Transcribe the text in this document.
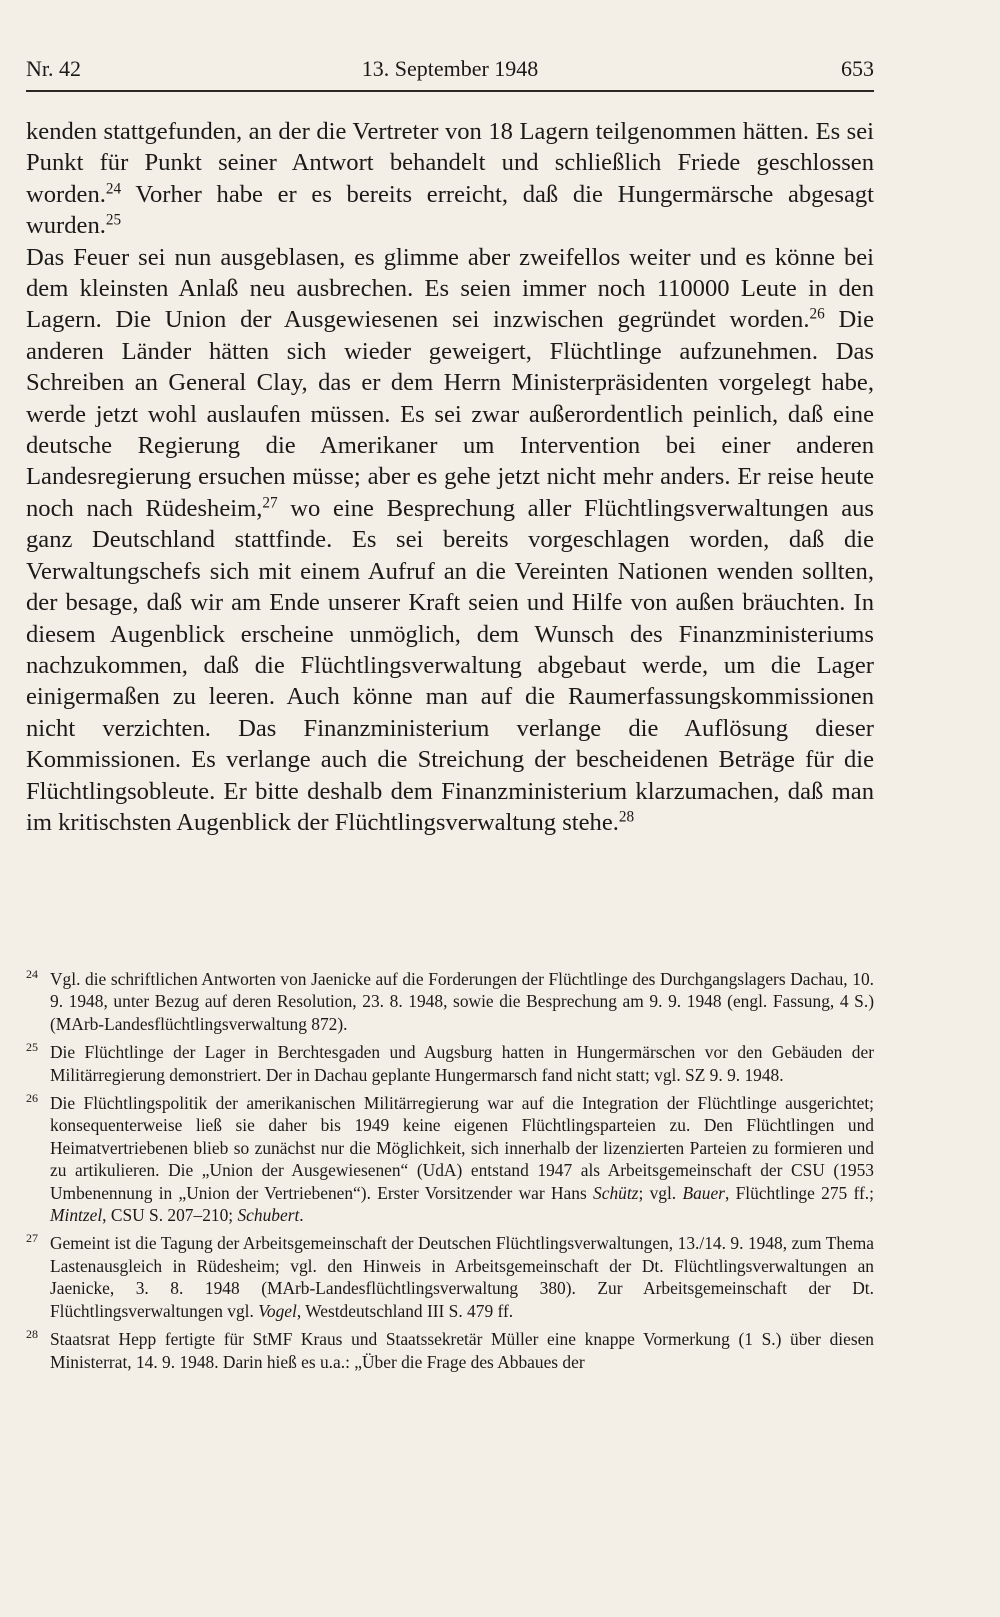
Nr. 42	13. September 1948	653

kenden stattgefunden, an der die Vertreter von 18 Lagern teilgenommen hätten. Es sei Punkt für Punkt seiner Antwort behandelt und schließlich Friede geschlossen worden.$^{24}$ Vorher habe er es bereits erreicht, daß die Hungermärsche abgesagt wurden.$^{25}$

Das Feuer sei nun ausgeblasen, es glimme aber zweifellos weiter und es könne bei dem kleinsten Anlaß neu ausbrechen. Es seien immer noch 110000 Leute in den Lagern. Die Union der Ausgewiesenen sei inzwischen gegründet worden.$^{26}$ Die anderen Länder hätten sich wieder geweigert, Flüchtlinge aufzunehmen. Das Schreiben an General Clay, das er dem Herrn Ministerpräsidenten vorgelegt habe, werde jetzt wohl auslaufen müssen. Es sei zwar außerordentlich peinlich, daß eine deutsche Regierung die Amerikaner um Intervention bei einer anderen Landesregierung ersuchen müsse; aber es gehe jetzt nicht mehr anders. Er reise heute noch nach Rüdesheim,$^{27}$ wo eine Besprechung aller Flüchtlingsverwaltungen aus ganz Deutschland stattfinde. Es sei bereits vorgeschlagen worden, daß die Verwaltungschefs sich mit einem Aufruf an die Vereinten Nationen wenden sollten, der besage, daß wir am Ende unserer Kraft seien und Hilfe von außen bräuchten. In diesem Augenblick erscheine unmöglich, dem Wunsch des Finanzministeriums nachzukommen, daß die Flüchtlingsverwaltung abgebaut werde, um die Lager einigermaßen zu leeren. Auch könne man auf die Raumerfassungskommissionen nicht verzichten. Das Finanzministerium verlange die Auflösung dieser Kommissionen. Es verlange auch die Streichung der bescheidenen Beträge für die Flüchtlingsobleute. Er bitte deshalb dem Finanzministerium klarzumachen, daß man im kritischsten Augenblick der Flüchtlingsverwaltung stehe.$^{28}$

24 Vgl. die schriftlichen Antworten von Jaenicke auf die Forderungen der Flüchtlinge des Durchgangslagers Dachau, 10. 9. 1948, unter Bezug auf deren Resolution, 23. 8. 1948, sowie die Besprechung am 9. 9. 1948 (engl. Fassung, 4 S.) (MArb-Landesflüchtlingsverwaltung 872).
25 Die Flüchtlinge der Lager in Berchtesgaden und Augsburg hatten in Hungermärschen vor den Gebäuden der Militärregierung demonstriert. Der in Dachau geplante Hungermarsch fand nicht statt; vgl. SZ 9. 9. 1948.
26 Die Flüchtlingspolitik der amerikanischen Militärregierung war auf die Integration der Flüchtlinge ausgerichtet; konsequenterweise ließ sie daher bis 1949 keine eigenen Flüchtlingsparteien zu. Den Flüchtlingen und Heimatvertriebenen blieb so zunächst nur die Möglichkeit, sich innerhalb der lizenzierten Parteien zu formieren und zu artikulieren. Die „Union der Ausgewiesenen“ (UdA) entstand 1947 als Arbeitsgemeinschaft der CSU (1953 Umbenennung in „Union der Vertriebenen“). Erster Vorsitzender war Hans Schütz; vgl. Bauer, Flüchtlinge 275 ff.; Mintzel, CSU S. 207–210; Schubert.
27 Gemeint ist die Tagung der Arbeitsgemeinschaft der Deutschen Flüchtlingsverwaltungen, 13./14. 9. 1948, zum Thema Lastenausgleich in Rüdesheim; vgl. den Hinweis in Arbeitsgemeinschaft der Dt. Flüchtlingsverwaltungen an Jaenicke, 3. 8. 1948 (MArb-Landesflüchtlingsverwaltung 380). Zur Arbeitsgemeinschaft der Dt. Flüchtlingsverwaltungen vgl. Vogel, Westdeutschland III S. 479 ff.
28 Staatsrat Hepp fertigte für StMF Kraus und Staatssekretär Müller eine knappe Vormerkung (1 S.) über diesen Ministerrat, 14. 9. 1948. Darin hieß es u.a.: „Über die Frage des Abbaues der
